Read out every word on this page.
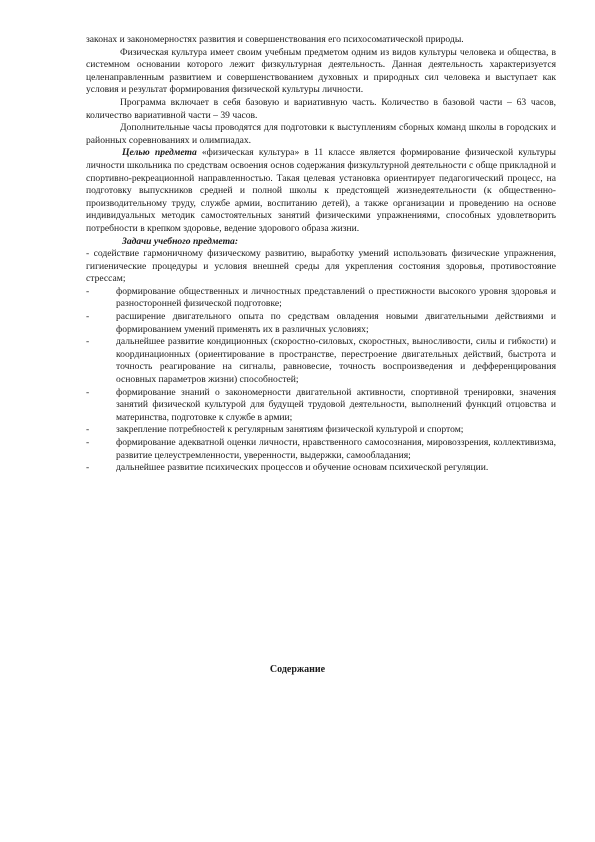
законах и закономерностях развития и совершенствования его психосоматической природы.

Физическая культура имеет своим учебным предметом одним из видов культуры человека и общества, в системном основании которого лежит физкультурная деятельность. Данная деятельность характеризуется целенаправленным развитием и совершенствованием духовных и природных сил человека и выступает как условия и результат формирования физической культуры личности.

Программа включает в себя базовую и вариативную часть. Количество в базовой части – 63 часов, количество вариативной части – 39 часов.

Дополнительные часы проводятся для подготовки к выступлениям сборных команд школы в городских и районных соревнованиях и олимпиадах.

Целью предмета «физическая культура» в 11 классе является формирование физической культуры личности школьника по средствам освоения основ содержания физкультурной деятельности с обще прикладной и спортивно-рекреационной направленностью. Такая целевая установка ориентирует педагогический процесс, на подготовку выпускников средней и полной школы к предстоящей жизнедеятельности (к общественно-производительному труду, службе армии, воспитанию детей), а также организации и проведению на основе индивидуальных методик самостоятельных занятий физическими упражнениями, способных удовлетворить потребности в крепком здоровье, ведение здорового образа жизни.

Задачи учебного предмета:

- содействие гармоничному физическому развитию, выработку умений использовать физические упражнения, гигиенические процедуры и условия внешней среды для укрепления состояния здоровья, противостояние стрессам;

-	формирование общественных и личностных представлений о престижности высокого уровня здоровья и разносторонней физической подготовке;
-	расширение двигательного опыта по средствам овладения новыми двигательными действиями и формированием умений применять их в различных условиях;
-	дальнейшее развитие кондиционных (скоростно-силовых, скоростных, выносливости, силы и гибкости) и координационных (ориентирование в пространстве, перестроение двигательных действий, быстрота и точность реагирование на сигналы, равновесие, точность воспроизведения и дефференцирования основных параметров жизни) способностей;
-	формирование знаний о закономерности двигательной активности, спортивной тренировки, значения занятий физической культурой для будущей трудовой деятельности, выполнений функций отцовства и материнства, подготовке к службе в армии;
-	закрепление потребностей к регулярным занятиям физической культурой и спортом;
-	формирование адекватной оценки личности, нравственного самосознания, мировоззрения, коллективизма, развитие целеустремленности, уверенности, выдержки, самообладания;
-	дальнейшее развитие психических процессов и обучение основам психической регуляции.
Содержание
